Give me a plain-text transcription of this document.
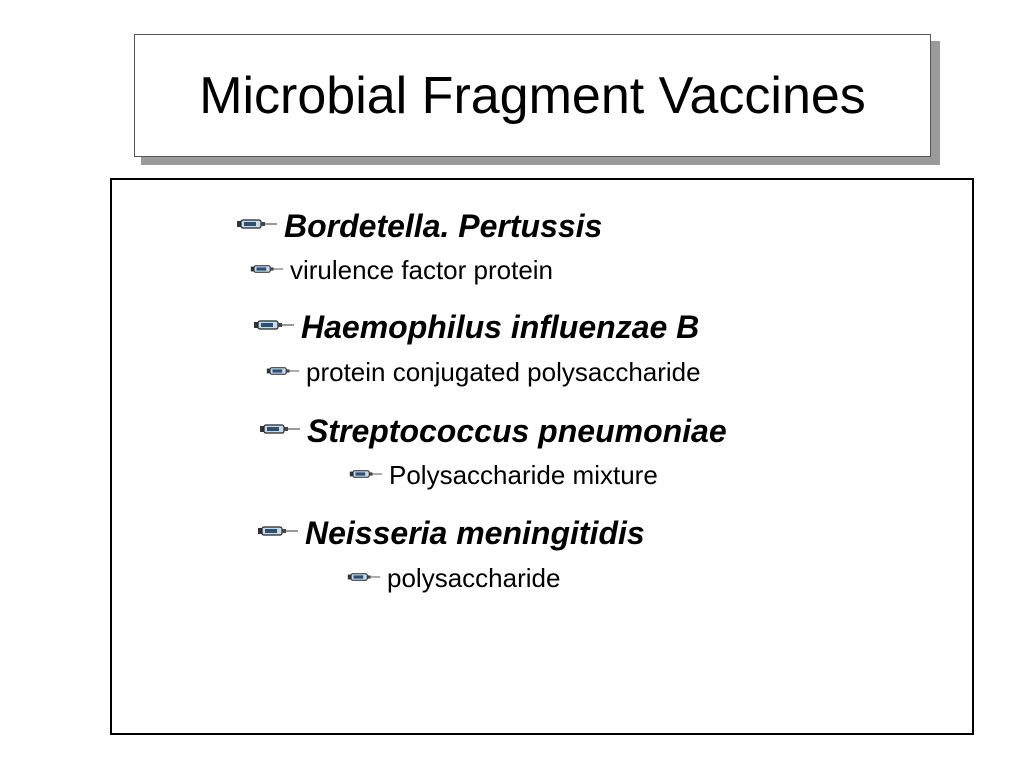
Microbial Fragment Vaccines
Bordetella. Pertussis
virulence factor protein
Haemophilus influenzae B
protein conjugated polysaccharide
Streptococcus pneumoniae
Polysaccharide mixture
Neisseria meningitidis
polysaccharide
